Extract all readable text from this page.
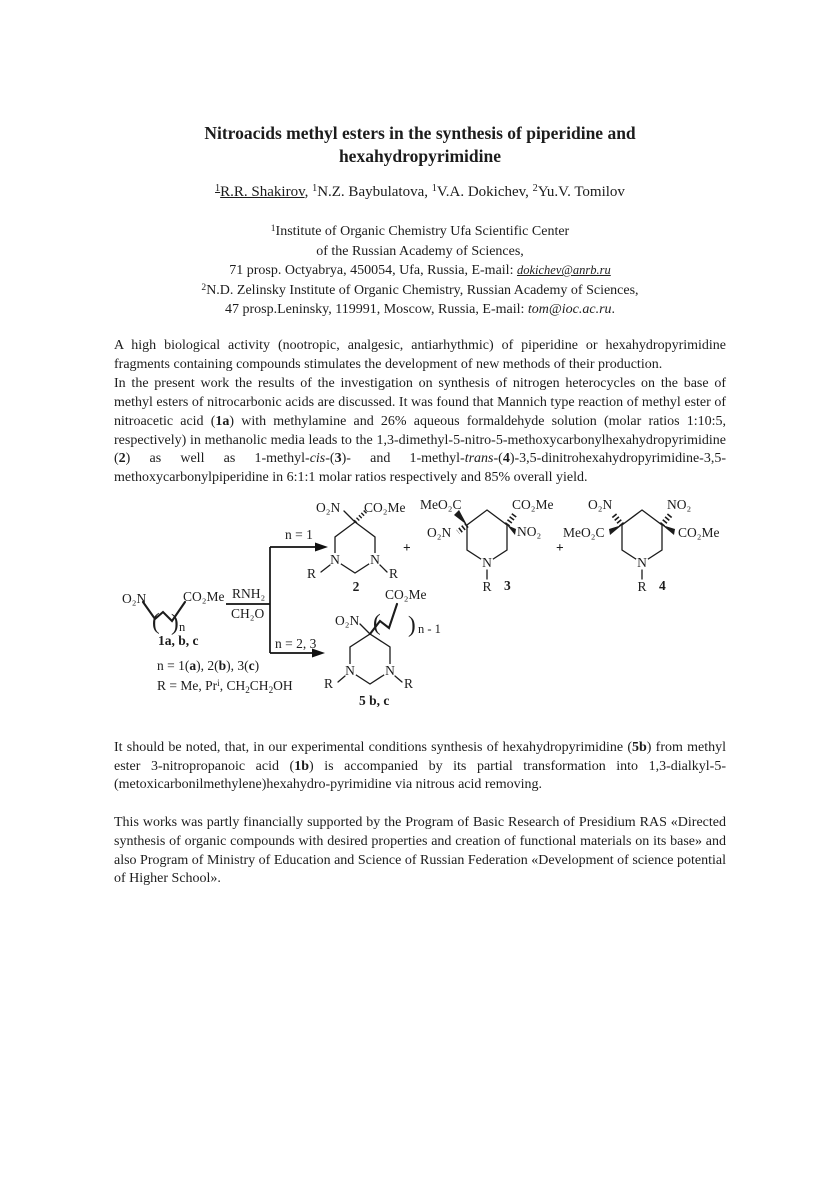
Nitroacids methyl esters in the synthesis of piperidine and
hexahydropyrimidine

$^1$R.R. Shakirov, $^1$N.Z. Baybulatova, $^1$V.A. Dokichev, $^2$Yu.V. Tomilov

$^1$Institute of Organic Chemistry Ufa Scientific Center
of the Russian Academy of Sciences,
71 prosp. Octyabrya, 450054, Ufa, Russia, E-mail: dokichev@anrb.ru
$^2$N.D. Zelinsky Institute of Organic Chemistry, Russian Academy of Sciences,
47 prosp.Leninsky, 119991, Moscow, Russia, E-mail: tom@ioc.ac.ru.

A high biological activity (nootropic, analgesic, antiarhythmic) of piperidine or hexahydropyrimidine fragments containing compounds stimulates the development of new methods of their production.

In the present work the results of the investigation on synthesis of nitrogen heterocycles on the base of methyl esters of nitrocarbonic acids are discussed. It was found that Mannich type reaction of methyl ester of nitroacetic acid (1a) with methylamine and 26% aqueous formaldehyde solution (molar ratios 1:10:5, respectively) in methanolic media leads to the 1,3-dimethyl-5-nitro-5-methoxycarbonylhexahydropyrimidine (2) as well as 1-methyl-cis-(3)- and 1-methyl-trans-(4)-3,5-dinitrohexahydropyrimidine-3,5-methoxycarbonylpiperidine in 6:1:1 molar ratios respectively and 85% overall yield.

O₂N	CO₂Me
( ) n
1a, b, c
RNH₂
CH₂O
n = 1
n = 2, 3
O₂N CO₂Me
N N
R	R
2
+
MeO₂C
O₂N
CO₂Me
NO₂
N
R 3
+
O₂N	NO₂
MeO₂C	CO₂Me
N
R 4
CO₂Me
O₂N ( ) n - 1
N N
R	R
5 b, c
n = 1(a), 2(b), 3(c)
R = Me, Pr$^i$, $CH_2CH_2OH$

It should be noted, that, in our experimental conditions synthesis of hexahydropyrimidine (5b) from methyl ester 3-nitropropanoic acid (1b) is accompanied by its partial transformation into 1,3-dialkyl-5-(metoxicarbonilmethylene)hexahydro-pyrimidine via nitrous acid removing.

This works was partly financially supported by the Program of Basic Research of Presidium RAS «Directed synthesis of organic compounds with desired properties and creation of functional materials on its base» and also Program of Ministry of Education and Science of Russian Federation «Development of science potential of Higher School».
